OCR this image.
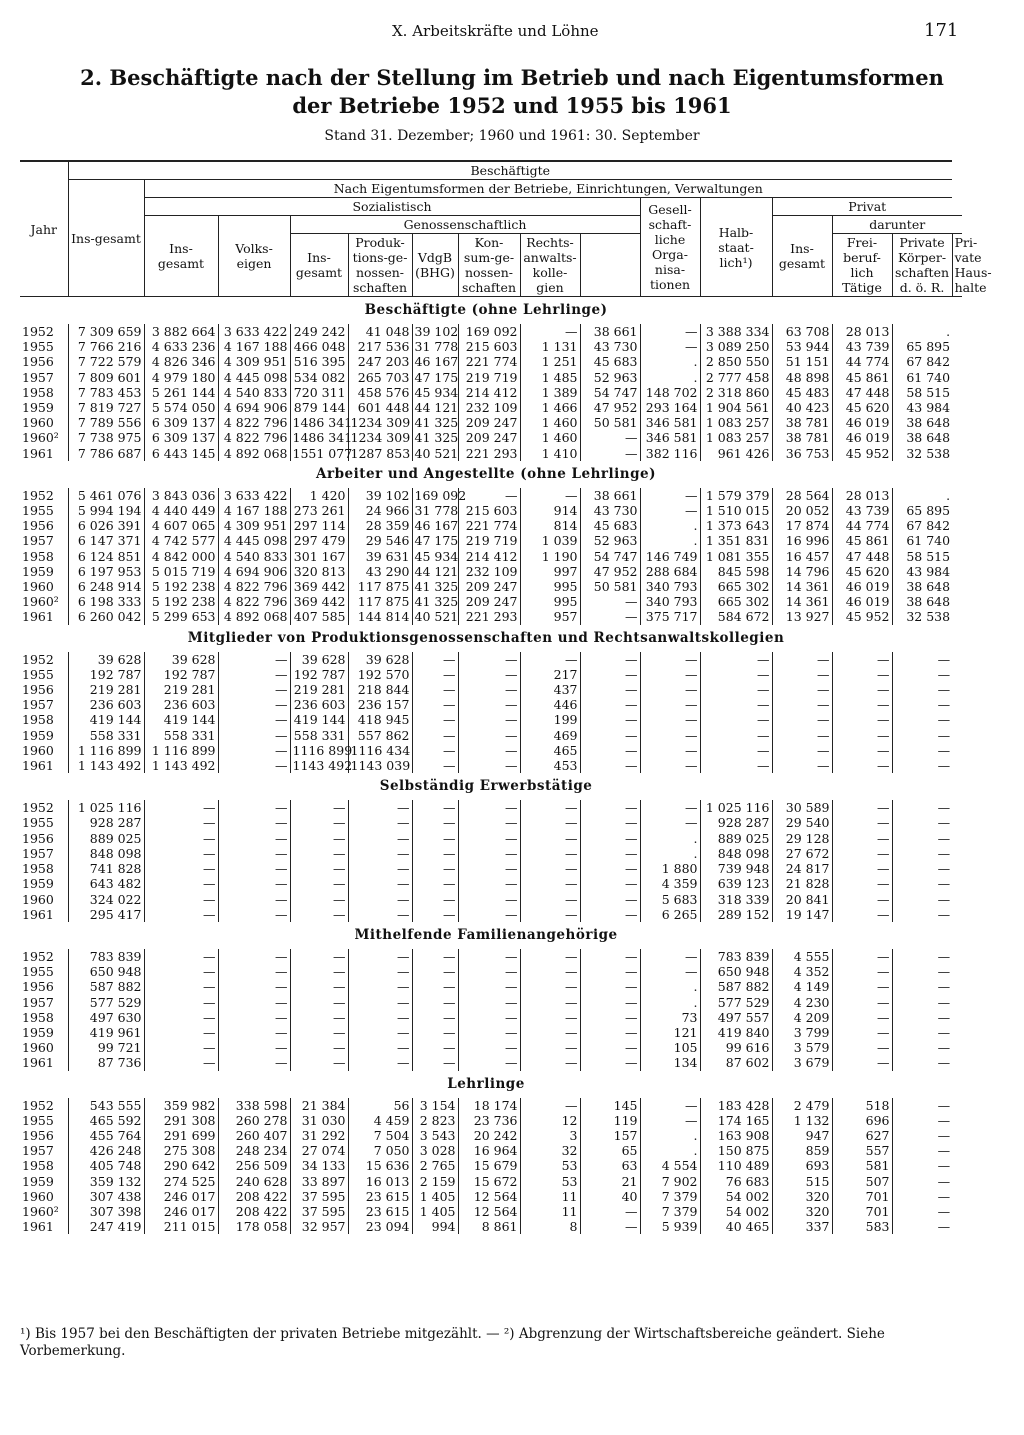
X. Arbeitskräfte und Löhne	171
2. Beschäftigte nach der Stellung im Betrieb und nach Eigentumsformen
der Betriebe 1952 und 1955 bis 1961
Stand 31. Dezember; 1960 und 1961: 30. September
Jahr	Beschäftigte														
	Ins-gesamt	Nach Eigentumsformen der Betriebe, Einrichtungen, Verwaltungen													
		Sozialistisch								Gesell-schaft-liche Orga-nisa-tionen	Halb-staat-lich¹)	Privat			
		Ins-gesamt	Volks-eigen	Genossenschaftlich								Ins-gesamt	darunter		
				Ins-gesamt	Produk-tions-ge-nossen-schaften	VdgB (BHG)	Kon-sum-ge-nossen-schaften	Rechts-anwalts-kolle-gien					Frei-beruf-lich Tätige	Private Körper-schaften d. ö. R.	Pri-vate Haus-halte
Beschäftigte (ohne Lehrlinge)															
1952	7 309 659	3 882 664	3 633 422	249 242	41 048	39 102	169 092	—	38 661	—	3 388 334	63 708	28 013	.	
1955	7 766 216	4 633 236	4 167 188	466 048	217 536	31 778	215 603	1 131	43 730	—	3 089 250	53 944	43 739	65 895	
1956	7 722 579	4 826 346	4 309 951	516 395	247 203	46 167	221 774	1 251	45 683	.	2 850 550	51 151	44 774	67 842	
1957	7 809 601	4 979 180	4 445 098	534 082	265 703	47 175	219 719	1 485	52 963	.	2 777 458	48 898	45 861	61 740	
1958	7 783 453	5 261 144	4 540 833	720 311	458 576	45 934	214 412	1 389	54 747	148 702	2 318 860	45 483	47 448	58 515	
1959	7 819 727	5 574 050	4 694 906	879 144	601 448	44 121	232 109	1 466	47 952	293 164	1 904 561	40 423	45 620	43 984	
1960	7 789 556	6 309 137	4 822 796	1486 341	1234 309	41 325	209 247	1 460	50 581	346 581	1 083 257	38 781	46 019	38 648	
1960²	7 738 975	6 309 137	4 822 796	1486 341	1234 309	41 325	209 247	1 460	—	346 581	1 083 257	38 781	46 019	38 648	
1961	7 786 687	6 443 145	4 892 068	1551 077	1287 853	40 521	221 293	1 410	—	382 116	961 426	36 753	45 952	32 538	
Arbeiter und Angestellte (ohne Lehrlinge)															
1952	5 461 076	3 843 036	3 633 422	1 420	39 102	169 092	—	—	38 661	—	1 579 379	28 564	28 013	.	
1955	5 994 194	4 440 449	4 167 188	273 261	24 966	31 778	215 603	914	43 730	—	1 510 015	20 052	43 739	65 895	
1956	6 026 391	4 607 065	4 309 951	297 114	28 359	46 167	221 774	814	45 683	.	1 373 643	17 874	44 774	67 842	
1957	6 147 371	4 742 577	4 445 098	297 479	29 546	47 175	219 719	1 039	52 963	.	1 351 831	16 996	45 861	61 740	
1958	6 124 851	4 842 000	4 540 833	301 167	39 631	45 934	214 412	1 190	54 747	146 749	1 081 355	16 457	47 448	58 515	
1959	6 197 953	5 015 719	4 694 906	320 813	43 290	44 121	232 109	997	47 952	288 684	845 598	14 796	45 620	43 984	
1960	6 248 914	5 192 238	4 822 796	369 442	117 875	41 325	209 247	995	50 581	340 793	665 302	14 361	46 019	38 648	
1960²	6 198 333	5 192 238	4 822 796	369 442	117 875	41 325	209 247	995	—	340 793	665 302	14 361	46 019	38 648	
1961	6 260 042	5 299 653	4 892 068	407 585	144 814	40 521	221 293	957	—	375 717	584 672	13 927	45 952	32 538	
Mitglieder von Produktionsgenossenschaften und Rechtsanwaltskollegien															
1952	39 628	39 628	—	39 628	39 628	—	—	—	—	—	—	—	—	—	
1955	192 787	192 787	—	192 787	192 570	—	—	217	—	—	—	—	—	—	
1956	219 281	219 281	—	219 281	218 844	—	—	437	—	—	—	—	—	—	
1957	236 603	236 603	—	236 603	236 157	—	—	446	—	—	—	—	—	—	
1958	419 144	419 144	—	419 144	418 945	—	—	199	—	—	—	—	—	—	
1959	558 331	558 331	—	558 331	557 862	—	—	469	—	—	—	—	—	—	
1960	1 116 899	1 116 899	—	1116 899	1116 434	—	—	465	—	—	—	—	—	—	
1961	1 143 492	1 143 492	—	1143 492	1143 039	—	—	453	—	—	—	—	—	—	
Selbständig Erwerbstätige															
1952	1 025 116	—	—	—	—	—	—	—	—	—	1 025 116	30 589	—	—	
1955	928 287	—	—	—	—	—	—	—	—	—	928 287	29 540	—	—	
1956	889 025	—	—	—	—	—	—	—	—	.	889 025	29 128	—	—	
1957	848 098	—	—	—	—	—	—	—	—	.	848 098	27 672	—	—	
1958	741 828	—	—	—	—	—	—	—	—	1 880	739 948	24 817	—	—	
1959	643 482	—	—	—	—	—	—	—	—	4 359	639 123	21 828	—	—	
1960	324 022	—	—	—	—	—	—	—	—	5 683	318 339	20 841	—	—	
1961	295 417	—	—	—	—	—	—	—	—	6 265	289 152	19 147	—	—	
Mithelfende Familienangehörige															
1952	783 839	—	—	—	—	—	—	—	—	—	783 839	4 555	—	—	
1955	650 948	—	—	—	—	—	—	—	—	—	650 948	4 352	—	—	
1956	587 882	—	—	—	—	—	—	—	—	.	587 882	4 149	—	—	
1957	577 529	—	—	—	—	—	—	—	—	.	577 529	4 230	—	—	
1958	497 630	—	—	—	—	—	—	—	—	73	497 557	4 209	—	—	
1959	419 961	—	—	—	—	—	—	—	—	121	419 840	3 799	—	—	
1960	99 721	—	—	—	—	—	—	—	—	105	99 616	3 579	—	—	
1961	87 736	—	—	—	—	—	—	—	—	134	87 602	3 679	—	—	
Lehrlinge															
1952	543 555	359 982	338 598	21 384	56	3 154	18 174	—	145	—	183 428	2 479	518	—	
1955	465 592	291 308	260 278	31 030	4 459	2 823	23 736	12	119	—	174 165	1 132	696	—	
1956	455 764	291 699	260 407	31 292	7 504	3 543	20 242	3	157	.	163 908	947	627	—	
1957	426 248	275 308	248 234	27 074	7 050	3 028	16 964	32	65	.	150 875	859	557	—	
1958	405 748	290 642	256 509	34 133	15 636	2 765	15 679	53	63	4 554	110 489	693	581	—	
1959	359 132	274 525	240 628	33 897	16 013	2 159	15 672	53	21	7 902	76 683	515	507	—	
1960	307 438	246 017	208 422	37 595	23 615	1 405	12 564	11	40	7 379	54 002	320	701	—	
1960²	307 398	246 017	208 422	37 595	23 615	1 405	12 564	11	—	7 379	54 002	320	701	—	
1961	247 419	211 015	178 058	32 957	23 094	994	8 861	8	—	5 939	40 465	337	583	—	
¹) Bis 1957 bei den Beschäftigten der privaten Betriebe mitgezählt. — ²) Abgrenzung der Wirtschaftsbereiche geändert. Siehe Vorbemerkung.
